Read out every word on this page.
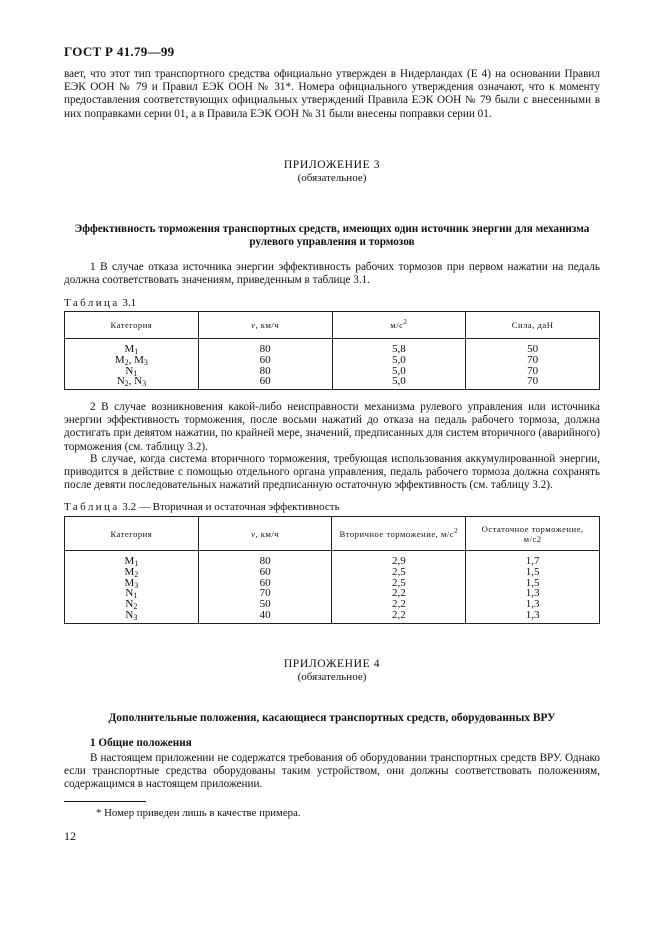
ГОСТ Р 41.79—99

вает, что этот тип транспортного средства официально утвержден в Нидерландах (Е 4) на основании Правил ЕЭК ООН № 79 и Правил ЕЭК ООН № 31*. Номера официального утверждения означают, что к моменту предоставления соответствующих официальных утверждений Правила ЕЭК ООН № 79 были с внесенными в них поправками серии 01, а в Правила ЕЭК ООН № 31 были внесены поправки серии 01.

ПРИЛОЖЕНИЕ 3
(обязательное)
Эффективность торможения транспортных средств, имеющих один источник энергии для механизма
рулевого управления и тормозов

1 В случае отказа источника энергии эффективность рабочих тормозов при первом нажатии на педаль должна соответствовать значениям, приведенным в таблице 3.1.

Таблица 3.1
Категория	v, км/ч	$м/с^2$	Сила, даН
$M_1$	80	5,8	50
$M_2$, $M_3$	60	5,0	70
$N_1$	80	5,0	70
$N_2$, $N_3$	60	5,0	70

2 В случае возникновения какой-либо неисправности механизма рулевого управления или источника энергии эффективность торможения, после восьми нажатий до отказа на педаль рабочего тормоза, должна достигать при девятом нажатии, по крайней мере, значений, предписанных для систем вторичного (аварийного) торможения (см. таблицу 3.2).

В случае, когда система вторичного торможения, требующая использования аккумулированной энергии, приводится в действие с помощью отдельного органа управления, педаль рабочего тормоза должна сохранять после девяти последовательных нажатий предписанную остаточную эффективность (см. таблицу 3.2).

Таблица 3.2 — Вторичная и остаточная эффективность
Категория	v, км/ч	Вторичное торможение, $м/с^2$	Остаточное торможение,
м/с2
$M_1$	80	2,9	1,7
$M_2$	60	2,5	1,5
$M_3$	60	2,5	1,5
$N_1$	70	2,2	1,3
$N_2$	50	2,2	1,3
$N_3$	40	2,2	1,3
ПРИЛОЖЕНИЕ 4
(обязательное)
Дополнительные положения, касающиеся транспортных средств, оборудованных ВРУ
1 Общие положения

В настоящем приложении не содержатся требования об оборудовании транспортных средств ВРУ. Однако если транспортные средства оборудованы таким устройством, они должны соответствовать положениям, содержащимся в настоящем приложении.

* Номер приведен лишь в качестве примера.
12
